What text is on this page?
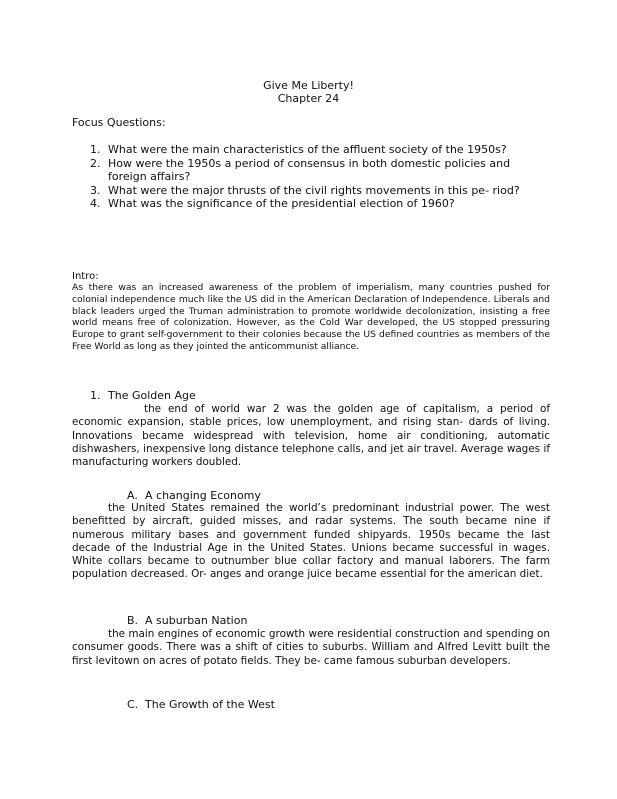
Give Me Liberty!
Chapter 24
Focus Questions:
1. What were the main characteristics of the affluent society of the 1950s?
2. How were the 1950s a period of consensus in both domestic policies and foreign affairs?
3. What were the major thrusts of the civil rights movements in this pe- riod?
4. What was the significance of the presidential election of 1960?
Intro:
As there was an increased awareness of the problem of imperialism, many countries pushed for colonial independence much like the US did in the American Declaration of Independence. Liberals and black leaders urged the Truman administration to promote worldwide decolonization, insisting a free world means free of colonization. However, as the Cold War developed, the US stopped pressuring Europe to grant self-government to their colonies because the US defined countries as members of the Free World as long as they jointed the anticommunist alliance.
1. The Golden Age
the end of world war 2 was the golden age of capitalism, a period of economic expansion, stable prices, low unemployment, and rising stan- dards of living. Innovations became widespread with television, home air conditioning, automatic dishwashers, inexpensive long distance telephone calls, and jet air travel. Average wages if manufacturing workers doubled.
A. A changing Economy
the United States remained the world’s predominant industrial power. The west benefitted by aircraft, guided misses, and radar systems. The south became nine if numerous military bases and government funded shipyards. 1950s became the last decade of the Industrial Age in the United States. Unions became successful in wages. White collars became to outnumber blue collar factory and manual laborers. The farm population decreased. Or- anges and orange juice became essential for the american diet.
B. A suburban Nation
the main engines of economic growth were residential construction and spending on consumer goods. There was a shift of cities to suburbs. William and Alfred Levitt built the first levitown on acres of potato fields. They be- came famous suburban developers.
C. The Growth of the West
